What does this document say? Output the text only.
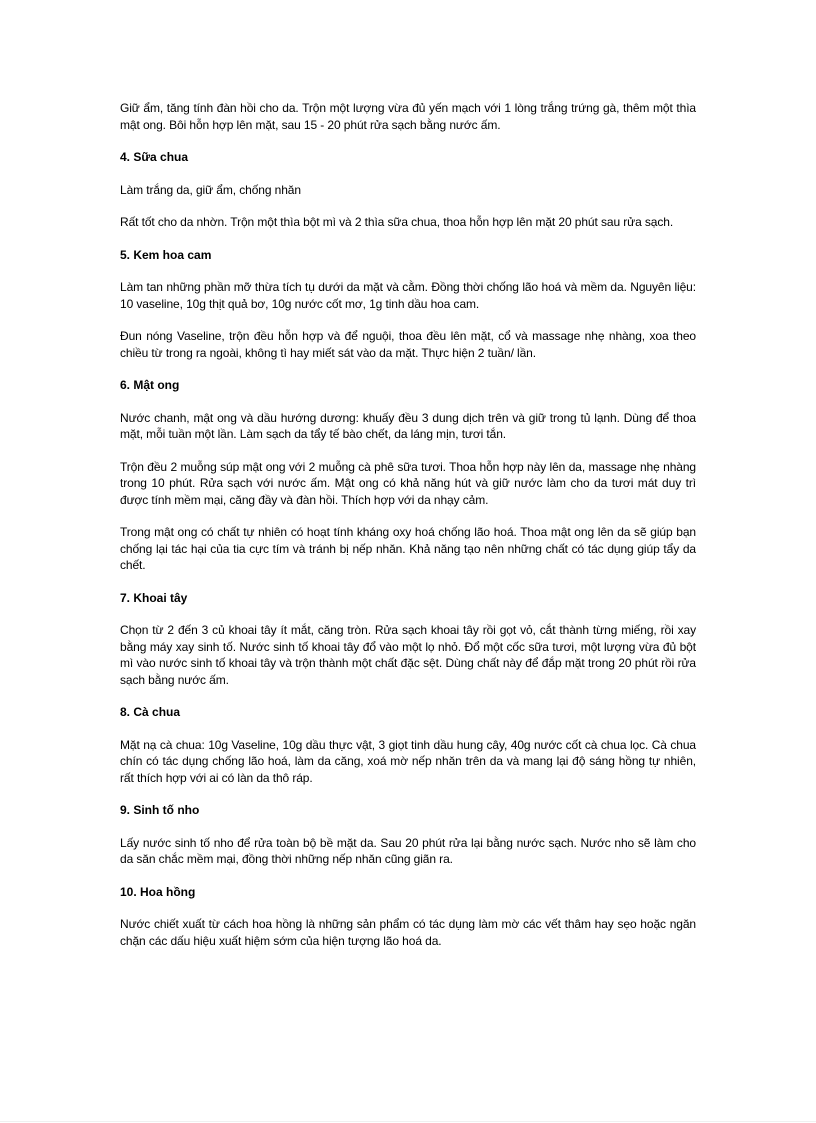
Giữ ẩm, tăng tính đàn hồi cho da. Trộn một lượng vừa đủ yến mạch với 1 lòng trắng trứng gà, thêm một thìa mật ong. Bôi hỗn hợp lên mặt, sau 15 - 20 phút rửa sạch bằng nước ấm.

4. Sữa chua

Làm trắng da, giữ ẩm, chống nhăn

Rất tốt cho da nhờn. Trộn một thìa bột mì và 2 thìa sữa chua, thoa hỗn hợp lên mặt 20 phút sau rửa sạch.

5. Kem hoa cam

Làm tan những phần mỡ thừa tích tụ dưới da mặt và cằm. Đồng thời chống lão hoá và mềm da. Nguyên liệu: 10 vaseline, 10g thịt quả bơ, 10g nước cốt mơ, 1g tinh dầu hoa cam.

Đun nóng Vaseline, trộn đều hỗn hợp và để nguội, thoa đều lên mặt, cổ và massage nhẹ nhàng, xoa theo chiều từ trong ra ngoài, không tì hay miết sát vào da mặt. Thực hiện 2 tuần/ lần.

6. Mật ong

Nước chanh, mật ong và dầu hướng dương: khuấy đều 3 dung dịch trên và giữ trong tủ lạnh. Dùng để thoa mặt, mỗi tuần một lần. Làm sạch da tẩy tế bào chết, da láng mịn, tươi tắn.

Trộn đều 2 muỗng súp mật ong với 2 muỗng cà phê sữa tươi. Thoa hỗn hợp này lên da, massage nhẹ nhàng trong 10 phút. Rửa sạch với nước ấm. Mật ong có khả năng hút và giữ nước làm cho da tươi mát duy trì được tính mềm mại, căng đầy và đàn hồi. Thích hợp với da nhạy cảm.

Trong mật ong có chất tự nhiên có hoạt tính kháng oxy hoá chống lão hoá. Thoa mật ong lên da sẽ giúp bạn chống lại tác hại của tia cực tím và tránh bị nếp nhăn. Khả năng tạo nên những chất có tác dụng giúp tẩy da chết.

7. Khoai tây

Chọn từ 2 đến 3 củ khoai tây ít mắt, căng tròn. Rửa sạch khoai tây rồi gọt vỏ, cắt thành từng miếng, rồi xay bằng máy xay sinh tố. Nước sinh tố khoai tây đổ vào một lọ nhỏ. Đổ một cốc sữa tươi, một lượng vừa đủ bột mì vào nước sinh tố khoai tây và trộn thành một chất đặc sệt. Dùng chất này để đắp mặt trong 20 phút rồi rửa sạch bằng nước ấm.

8. Cà chua

Mặt nạ cà chua: 10g Vaseline, 10g dầu thực vật, 3 giọt tinh dầu hung cây, 40g nước cốt cà chua lọc. Cà chua chín có tác dụng chống lão hoá, làm da căng, xoá mờ nếp nhăn trên da và mang lại độ sáng hồng tự nhiên, rất thích hợp với ai có làn da thô ráp.

9. Sinh tố nho

Lấy nước sinh tố nho để rửa toàn bộ bề mặt da. Sau 20 phút rửa lại bằng nước sạch. Nước nho sẽ làm cho da săn chắc mềm mại, đồng thời những nếp nhăn cũng giãn ra.

10. Hoa hồng

Nước chiết xuất từ cách hoa hồng là những sản phẩm có tác dụng làm mờ các vết thâm hay sẹo hoặc ngăn chặn các dấu hiệu xuất hiệm sớm của hiện tượng lão hoá da.
